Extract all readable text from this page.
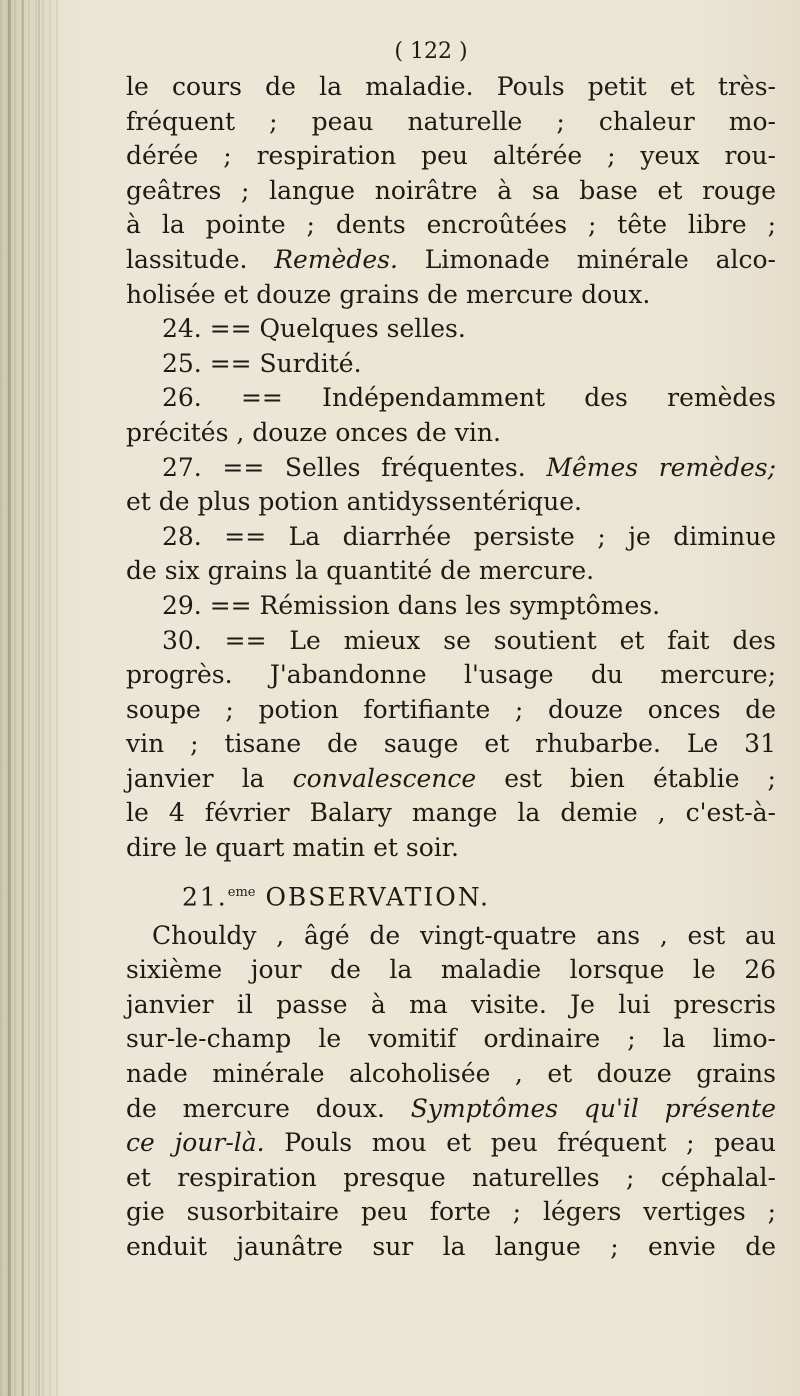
( 122 )
le cours de la maladie. Pouls petit et très-
fréquent ; peau naturelle ; chaleur mo-
dérée ; respiration peu altérée ; yeux rou-
geâtres ; langue noirâtre à sa base et rouge
à la pointe ; dents encroûtées ; tête libre ;
lassitude. Remèdes. Limonade minérale alco-
holisée et douze grains de mercure doux.
24. == Quelques selles.
25. == Surdité.
26. == Indépendamment des remèdes
précités , douze onces de vin.
27. == Selles fréquentes. Mêmes remèdes;
et de plus potion antidyssentérique.
28. == La diarrhée persiste ; je diminue
de six grains la quantité de mercure.
29. == Rémission dans les symptômes.
30. == Le mieux se soutient et fait des
progrès. J'abandonne l'usage du mercure;
soupe ; potion fortifiante ; douze onces de
vin ; tisane de sauge et rhubarbe. Le 31
janvier la convalescence est bien établie ;
le 4 février Balary mange la demie , c'est-à-
dire le quart matin et soir.
21.$^{eme}$ OBSERVATION.
Chouldy , âgé de vingt-quatre ans , est au
sixième jour de la maladie lorsque le 26
janvier il passe à ma visite. Je lui prescris
sur-le-champ le vomitif ordinaire ; la limo-
nade minérale alcoholisée , et douze grains
de mercure doux. Symptômes qu'il présente
ce jour-là. Pouls mou et peu fréquent ; peau
et respiration presque naturelles ; céphalal-
gie susorbitaire peu forte ; légers vertiges ;
enduit jaunâtre sur la langue ; envie de
